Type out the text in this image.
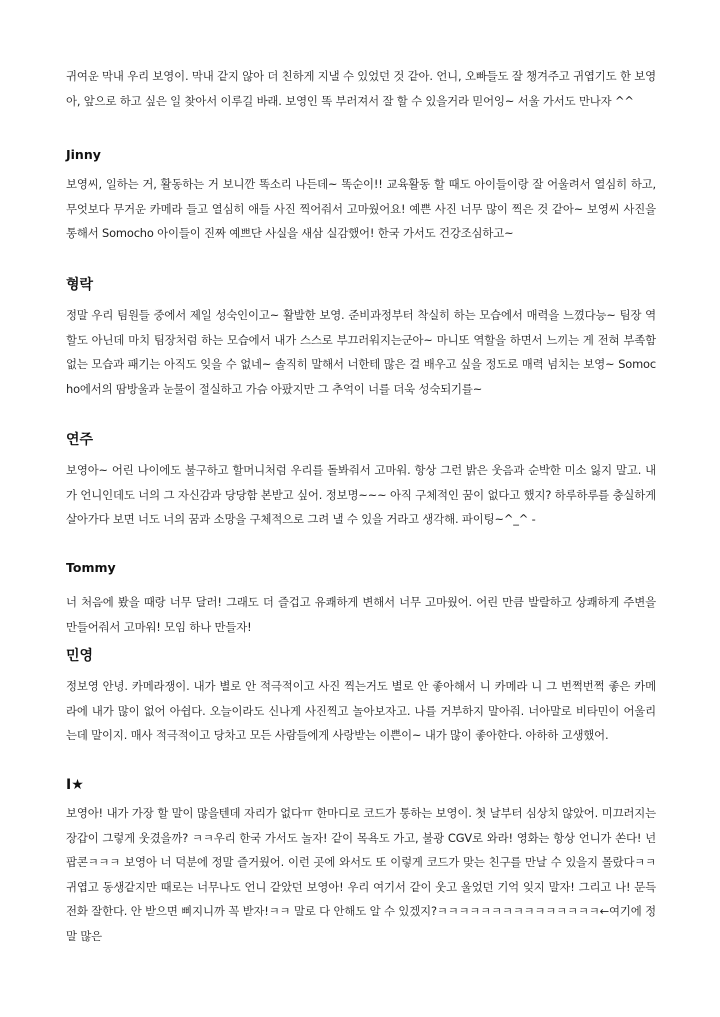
귀여운 막내 우리 보영이. 막내 같지 않아 더 친하게 지낼 수 있었던 것 같아. 언니, 오빠들도 잘 챙겨주고 귀엽기도 한 보영아, 앞으로 하고 싶은 일 찾아서 이루길 바래. 보영인 똑 부러져서 잘 할 수 있을거라 믿어잉~ 서울 가서도 만나자 ^^

Jinny

보영씨, 일하는 거, 활동하는 거 보니깐 똑소리 나든데~ 똑순이!! 교육활동 할 때도 아이들이랑 잘 어울려서 열심히 하고, 무엇보다 무거운 카메라 들고 열심히 애들 사진 찍어줘서 고마웠어요! 예쁜 사진 너무 많이 찍은 것 같아~ 보영씨 사진을 통해서 Somocho 아이들이 진짜 예쁘단 사실을 새삼 실감했어! 한국 가서도 건강조심하고~

형락

정말 우리 팀원들 중에서 제일 성숙인이고~ 활발한 보영. 준비과정부터 착실히 하는 모습에서 매력을 느꼈다능~ 팀장 역할도 아닌데 마치 팀장처럼 하는 모습에서 내가 스스로 부끄러워지는군아~ 마니또 역할을 하면서 느끼는 게 전혀 부족함 없는 모습과 패기는 아직도 잊을 수 없네~ 솔직히 말해서 너한테 많은 걸 배우고 싶을 정도로 매력 넘치는 보영~ Somocho에서의 땀방울과 눈물이 절실하고 가슴 아팠지만 그 추억이 너를 더욱 성숙되기를~

연주

보영아~ 어린 나이에도 불구하고 할머니처럼 우리를 돌봐줘서 고마워. 항상 그런 밝은 웃음과 순박한 미소 잃지 말고. 내가 언니인데도 너의 그 자신감과 당당함 본받고 싶어. 정보명~~~ 아직 구체적인 꿈이 없다고 했지? 하루하루를 충실하게 살아가다 보면 너도 너의 꿈과 소망을 구체적으로 그려 낼 수 있을 거라고 생각해. 파이팅~^_^ -

Tommy

너 처음에 봤을 때랑 너무 달러! 그래도 더 즐겁고 유쾌하게 변해서 너무 고마웠어. 어린 만큼 발랄하고 상쾌하게 주변을 만들어줘서 고마워! 모임 하나 만들자!

민영

정보영 안녕. 카메라쟁이. 내가 별로 안 적극적이고 사진 찍는거도 별로 안 좋아해서 니 카메라 니 그 번쩍번쩍 좋은 카메라에 내가 많이 없어 아쉽다. 오늘이라도 신나게 사진찍고 놀아보자고. 나를 거부하지 말아줘. 너아말로 비타민이 어울리는데 말이지. 매사 적극적이고 당차고 모든 사람들에게 사랑받는 이쁜이~ 내가 많이 좋아한다. 아하하 고생했어.

I★

보영아! 내가 가장 할 말이 많을텐데 자리가 없다ㅠ 한마디로 코드가 통하는 보영이. 첫 날부터 심상치 않았어. 미끄러지는 장갑이 그렇게 웃겼을까? ㅋㅋ우리 한국 가서도 놀자! 같이 목욕도 가고, 불광 CGV로 와라! 영화는 항상 언니가 쏜다! 넌 팝콘ㅋㅋㅋ 보영아 너 덕분에 정말 즐거웠어. 이런 곳에 와서도 또 이렇게 코드가 맞는 친구를 만날 수 있을지 몰랐다ㅋㅋ 귀엽고 동생같지만 때로는 너무나도 언니 같았던 보영아! 우리 여기서 같이 웃고 울었던 기억 잊지 말자! 그리고 나! 문득 전화 잘한다. 안 받으면 삐지니까 꼭 받자!ㅋㅋ 말로 다 안해도 알 수 있겠지?ㅋㅋㅋㅋㅋㅋㅋㅋㅋㅋㅋㅋㅋㅋㅋ←여기에 정말 많은
